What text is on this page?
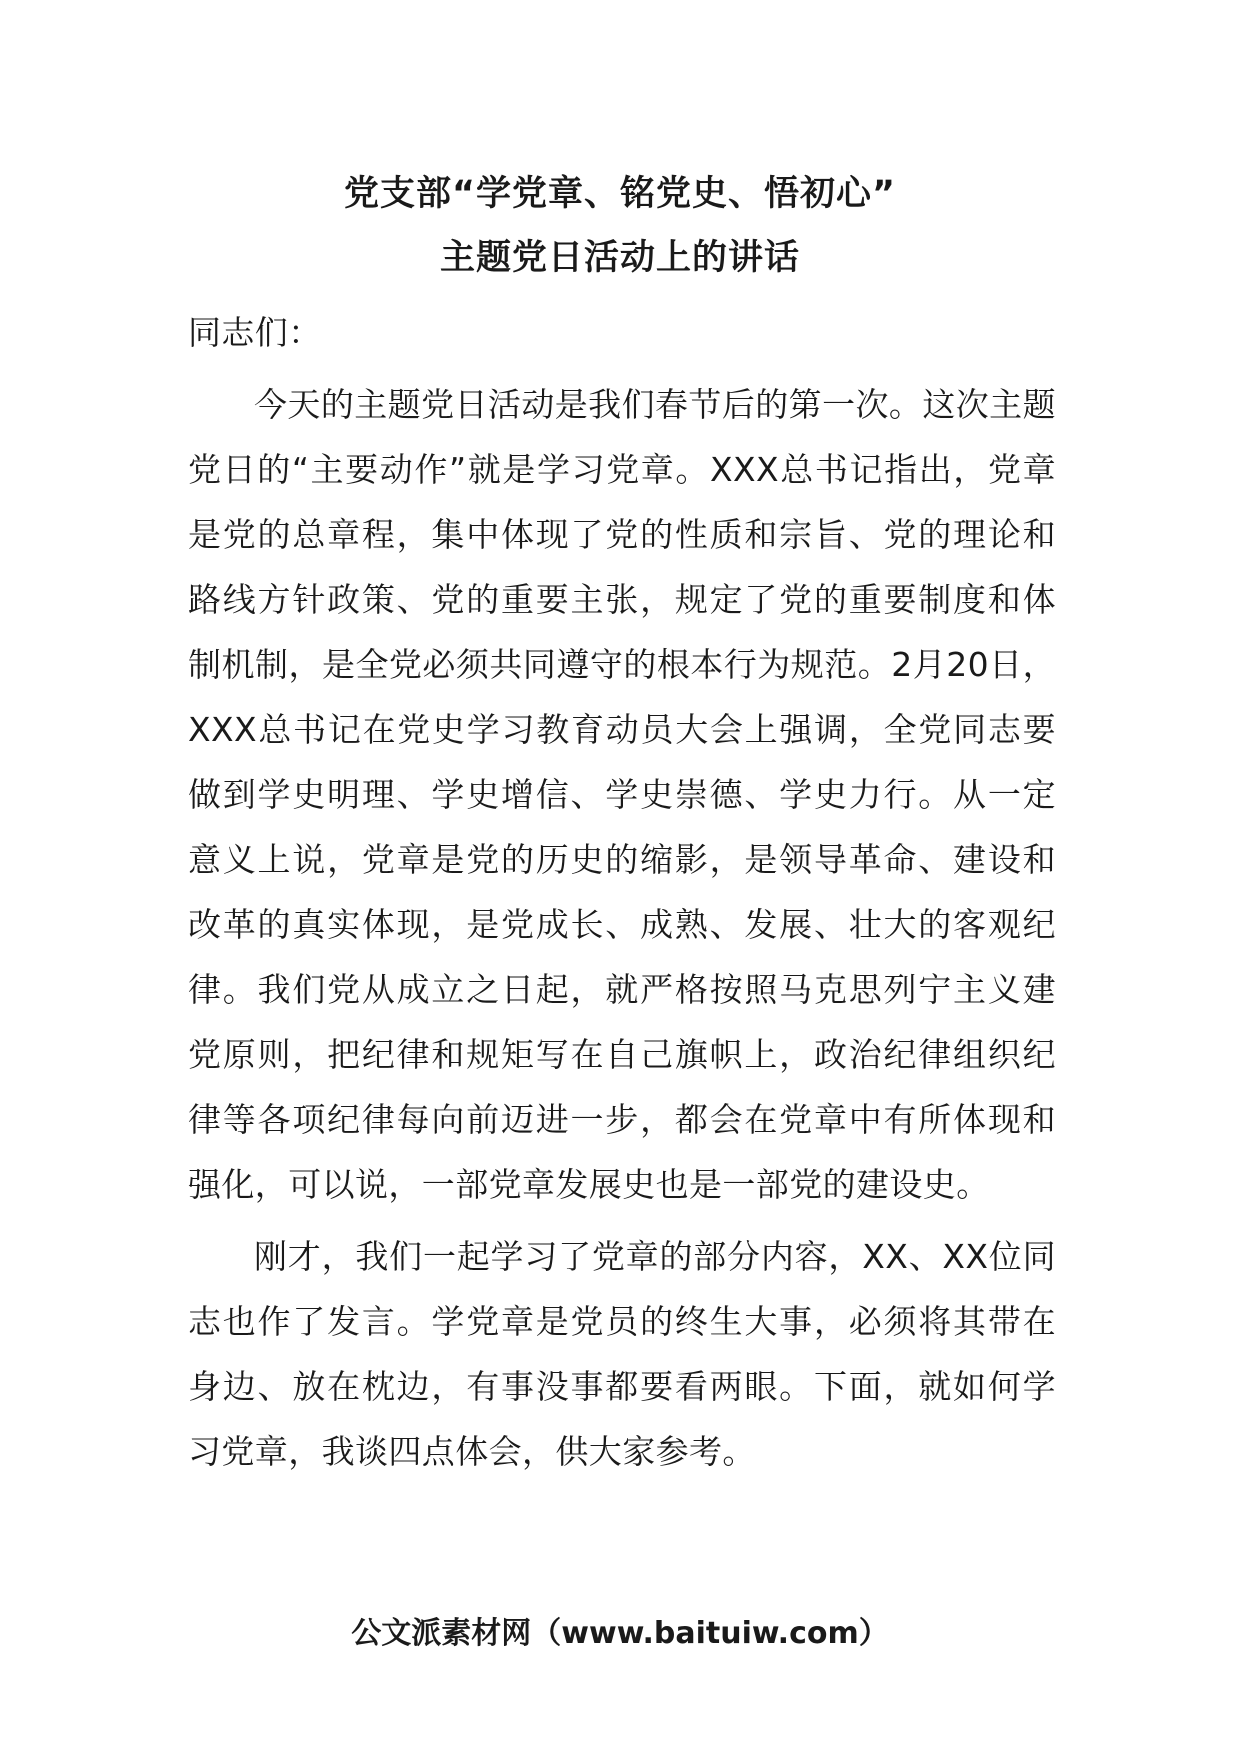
党支部“学党章、铭党史、悟初心”
主题党日活动上的讲话

同志们：

今天的主题党日活动是我们春节后的第一次。这次主题党日的“主要动作”就是学习党章。XXX总书记指出，党章是党的总章程，集中体现了党的性质和宗旨、党的理论和路线方针政策、党的重要主张，规定了党的重要制度和体制机制，是全党必须共同遵守的根本行为规范。2月20日，XXX总书记在党史学习教育动员大会上强调，全党同志要做到学史明理、学史增信、学史崇德、学史力行。从一定意义上说，党章是党的历史的缩影，是领导革命、建设和改革的真实体现，是党成长、成熟、发展、壮大的客观纪律。我们党从成立之日起，就严格按照马克思列宁主义建党原则，把纪律和规矩写在自己旗帜上，政治纪律组织纪律等各项纪律每向前迈进一步，都会在党章中有所体现和强化，可以说，一部党章发展史也是一部党的建设史。

刚才，我们一起学习了党章的部分内容，XX、XX位同志也作了发言。学党章是党员的终生大事，必须将其带在身边、放在枕边，有事没事都要看两眼。下面，就如何学习党章，我谈四点体会，供大家参考。

公文派素材网（www.baituiw.com）
